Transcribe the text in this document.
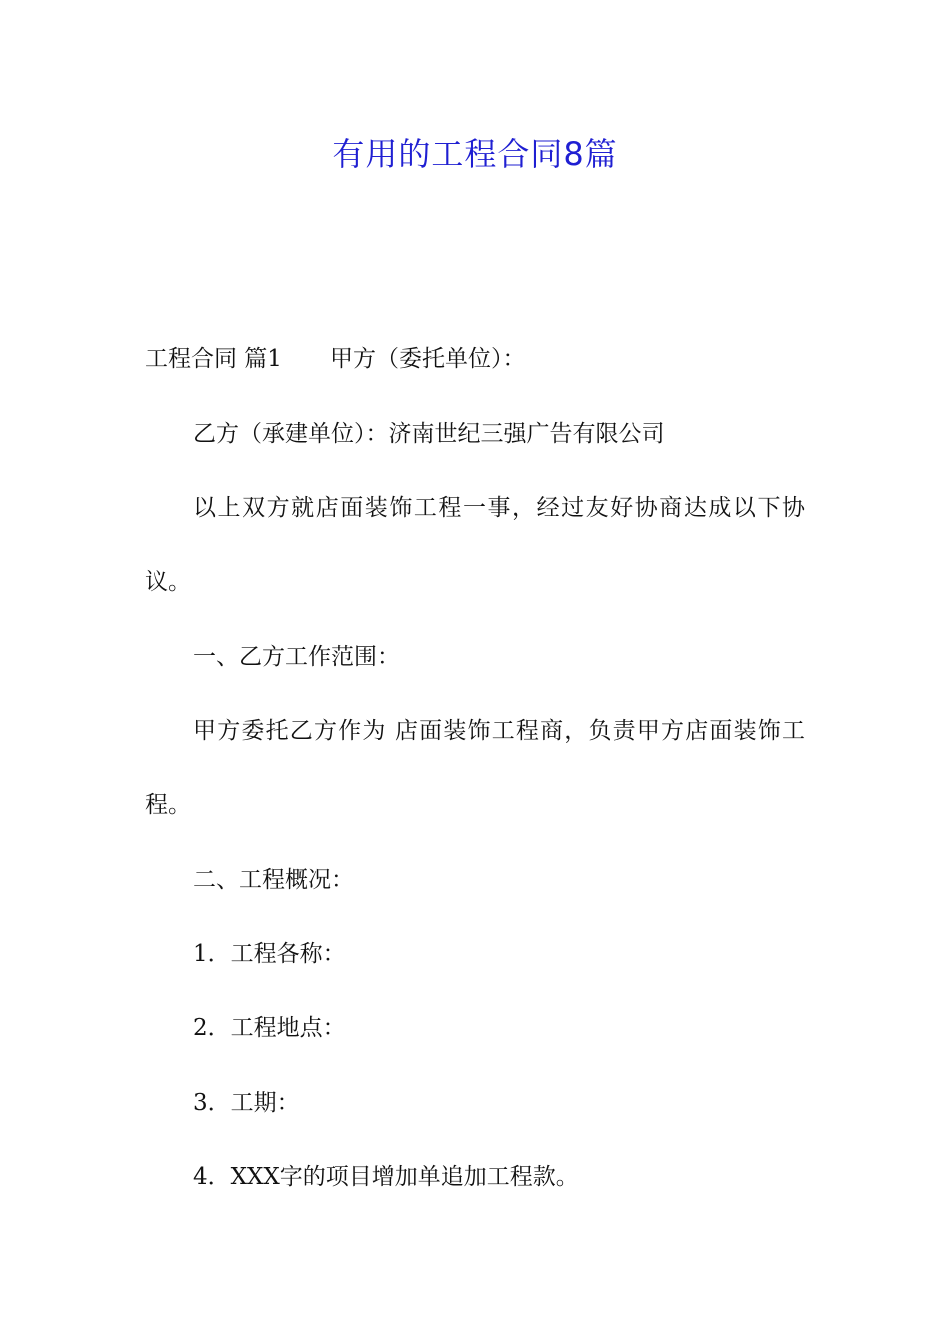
有用的工程合同8篇

工程合同 篇1 甲方（委托单位）：

乙方（承建单位）：济南世纪三强广告有限公司

以上双方就店面装饰工程一事，经过友好协商达成以下协

议。

一、乙方工作范围：

甲方委托乙方作为 店面装饰工程商，负责甲方店面装饰工

程。

二、工程概况：

1．工程各称：

2．工程地点：

3．工期：

4．XXX字的项目增加单追加工程款。
